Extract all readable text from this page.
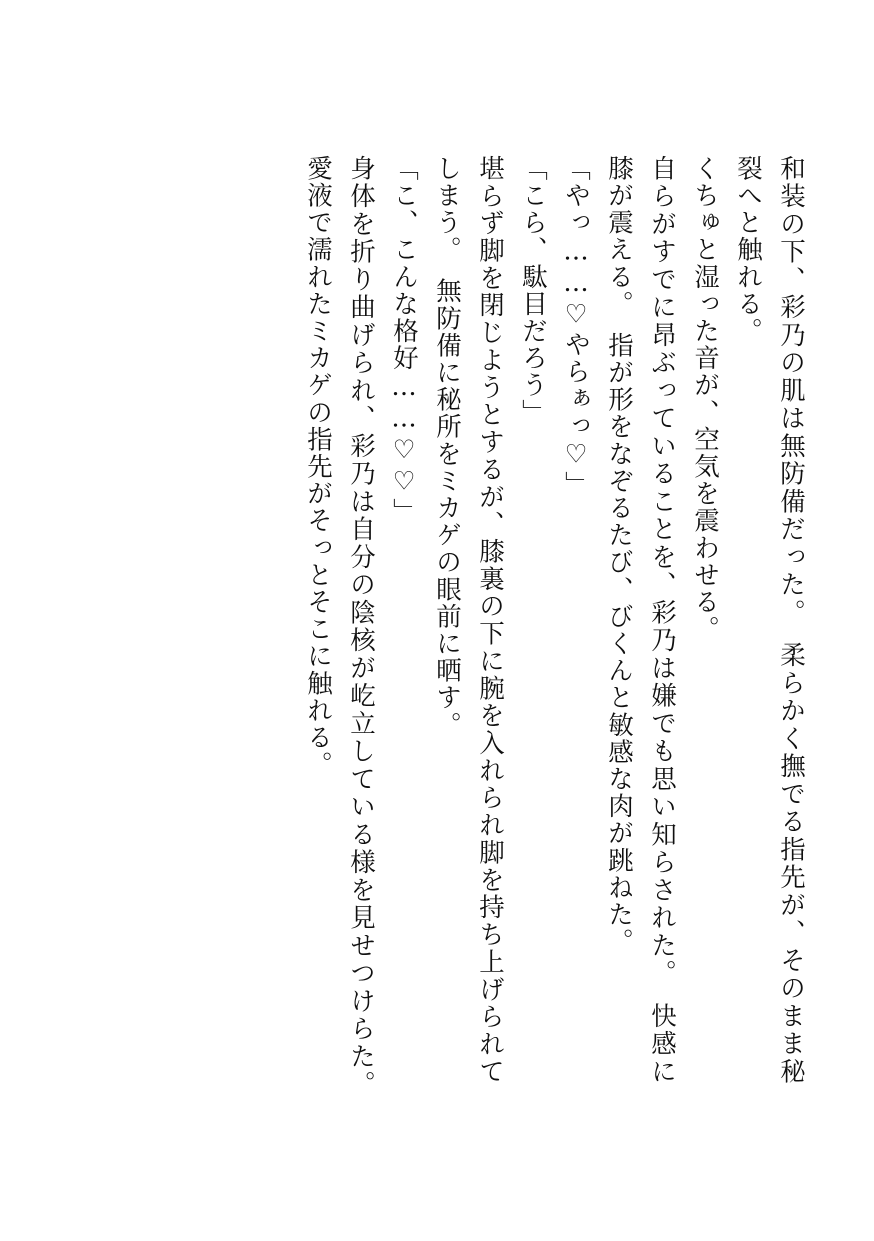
和装の下、彩乃の肌は無防備だった。　柔らかく撫でる指先が、そのまま秘裂へと触れる。

くちゅと湿った音が、空気を震わせる。

自らがすでに昂ぶっていることを、彩乃は嫌でも思い知らされた。　快感に膝が震える。　指が形をなぞるたび、びくんと敏感な肉が跳ねた。

「やっ……♡やらぁっ♡」

「こら、駄目だろう」

堪らず脚を閉じようとするが、膝裏の下に腕を入れられ脚を持ち上げられてしまう。　無防備に秘所をミカゲの眼前に晒す。

「こ、こんな格好……♡♡」

身体を折り曲げられ、彩乃は自分の陰核が屹立している様を見せつけらた。　愛液で濡れたミカゲの指先がそっとそこに触れる。
